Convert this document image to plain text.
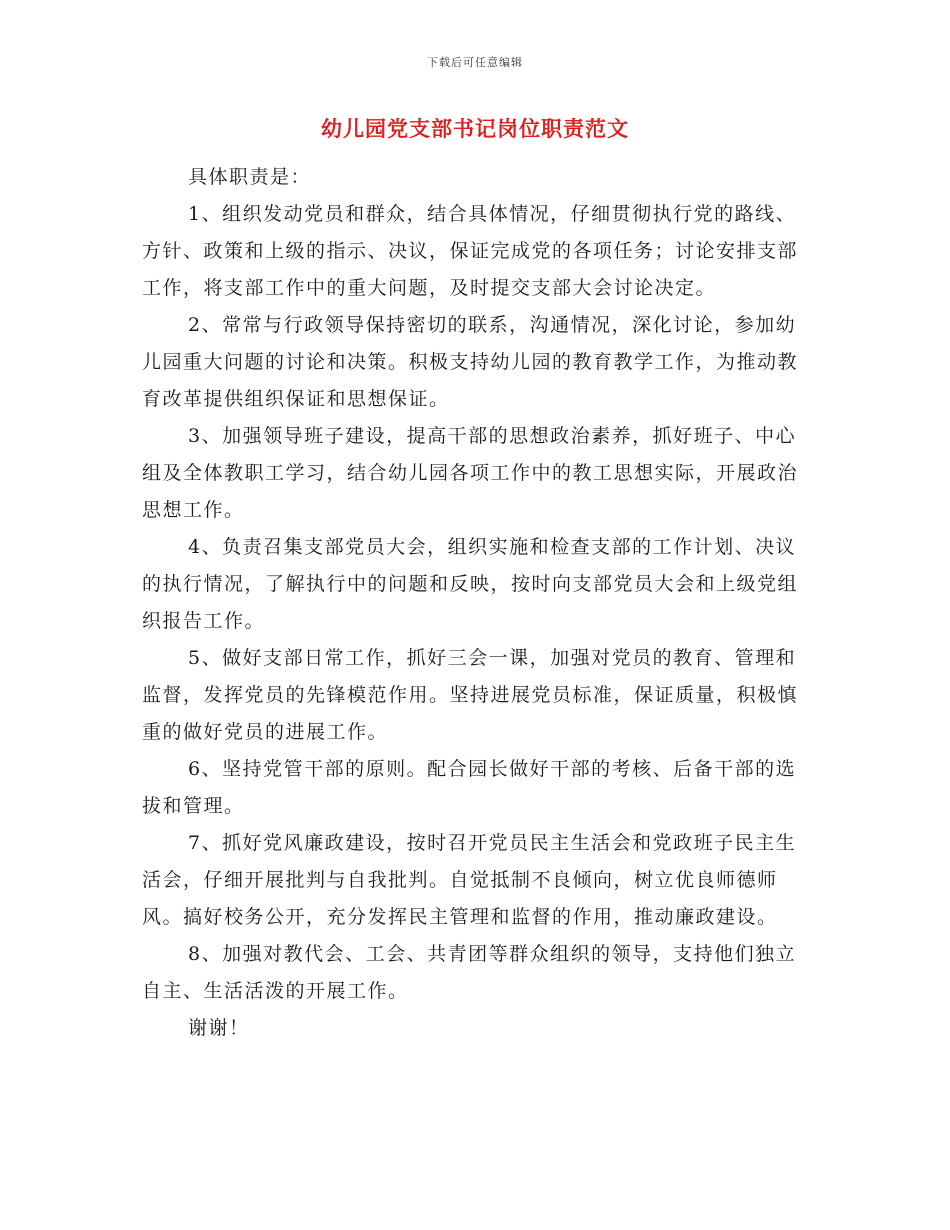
下载后可任意编辑
幼儿园党支部书记岗位职责范文

具体职责是：

1、组织发动党员和群众，结合具体情况，仔细贯彻执行党的路线、方针、政策和上级的指示、决议，保证完成党的各项任务；讨论安排支部工作，将支部工作中的重大问题，及时提交支部大会讨论决定。

2、常常与行政领导保持密切的联系，沟通情况，深化讨论，参加幼儿园重大问题的讨论和决策。积极支持幼儿园的教育教学工作，为推动教育改革提供组织保证和思想保证。

3、加强领导班子建设，提高干部的思想政治素养，抓好班子、中心组及全体教职工学习，结合幼儿园各项工作中的教工思想实际，开展政治思想工作。

4、负责召集支部党员大会，组织实施和检查支部的工作计划、决议的执行情况，了解执行中的问题和反映，按时向支部党员大会和上级党组织报告工作。

5、做好支部日常工作，抓好三会一课，加强对党员的教育、管理和监督，发挥党员的先锋模范作用。坚持进展党员标准，保证质量，积极慎重的做好党员的进展工作。

6、坚持党管干部的原则。配合园长做好干部的考核、后备干部的选拔和管理。

7、抓好党风廉政建设，按时召开党员民主生活会和党政班子民主生活会，仔细开展批判与自我批判。自觉抵制不良倾向，树立优良师德师风。搞好校务公开，充分发挥民主管理和监督的作用，推动廉政建设。

8、加强对教代会、工会、共青团等群众组织的领导，支持他们独立自主、生活活泼的开展工作。

谢谢！
